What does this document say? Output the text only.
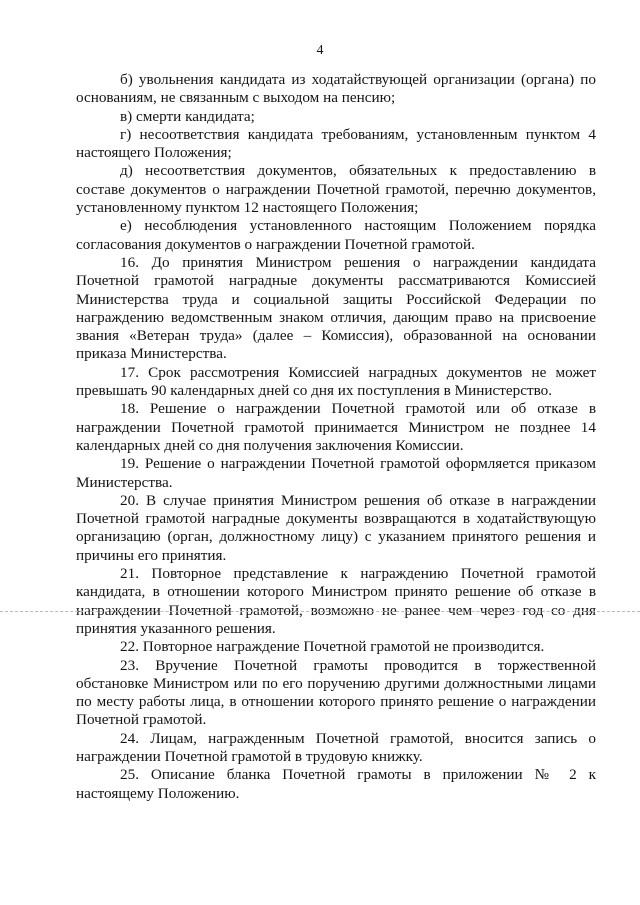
4

б) увольнения кандидата из ходатайствующей организации (органа) по основаниям, не связанным с выходом на пенсию;

в) смерти кандидата;

г) несоответствия кандидата требованиям, установленным пунктом 4 настоящего Положения;

д) несоответствия документов, обязательных к предоставлению в составе документов о награждении Почетной грамотой, перечню документов, установленному пунктом 12 настоящего Положения;

е) несоблюдения установленного настоящим Положением порядка согласования документов о награждении Почетной грамотой.

16. До принятия Министром решения о награждении кандидата Почетной грамотой наградные документы рассматриваются Комиссией Министерства труда и социальной защиты Российской Федерации по награждению ведомственным знаком отличия, дающим право на присвоение звания «Ветеран труда» (далее – Комиссия), образованной на основании приказа Министерства.

17. Срок рассмотрения Комиссией наградных документов не может превышать 90 календарных дней со дня их поступления в Министерство.

18. Решение о награждении Почетной грамотой или об отказе в награждении Почетной грамотой принимается Министром не позднее 14 календарных дней со дня получения заключения Комиссии.

19. Решение о награждении Почетной грамотой оформляется приказом Министерства.

20. В случае принятия Министром решения об отказе в награждении Почетной грамотой наградные документы возвращаются в ходатайствующую организацию (орган, должностному лицу) с указанием принятого решения и причины его принятия.

21. Повторное представление к награждению Почетной грамотой кандидата, в отношении которого Министром принято решение об отказе в награждении Почетной грамотой, возможно не ранее чем через год со дня принятия указанного решения.

22. Повторное награждение Почетной грамотой не производится.

23. Вручение Почетной грамоты проводится в торжественной обстановке Министром или по его поручению другими должностными лицами по месту работы лица, в отношении которого принято решение о награждении Почетной грамотой.

24. Лицам, награжденным Почетной грамотой, вносится запись о награждении Почетной грамотой в трудовую книжку.

25. Описание бланка Почетной грамоты в приложении № 2 к настоящему Положению.
